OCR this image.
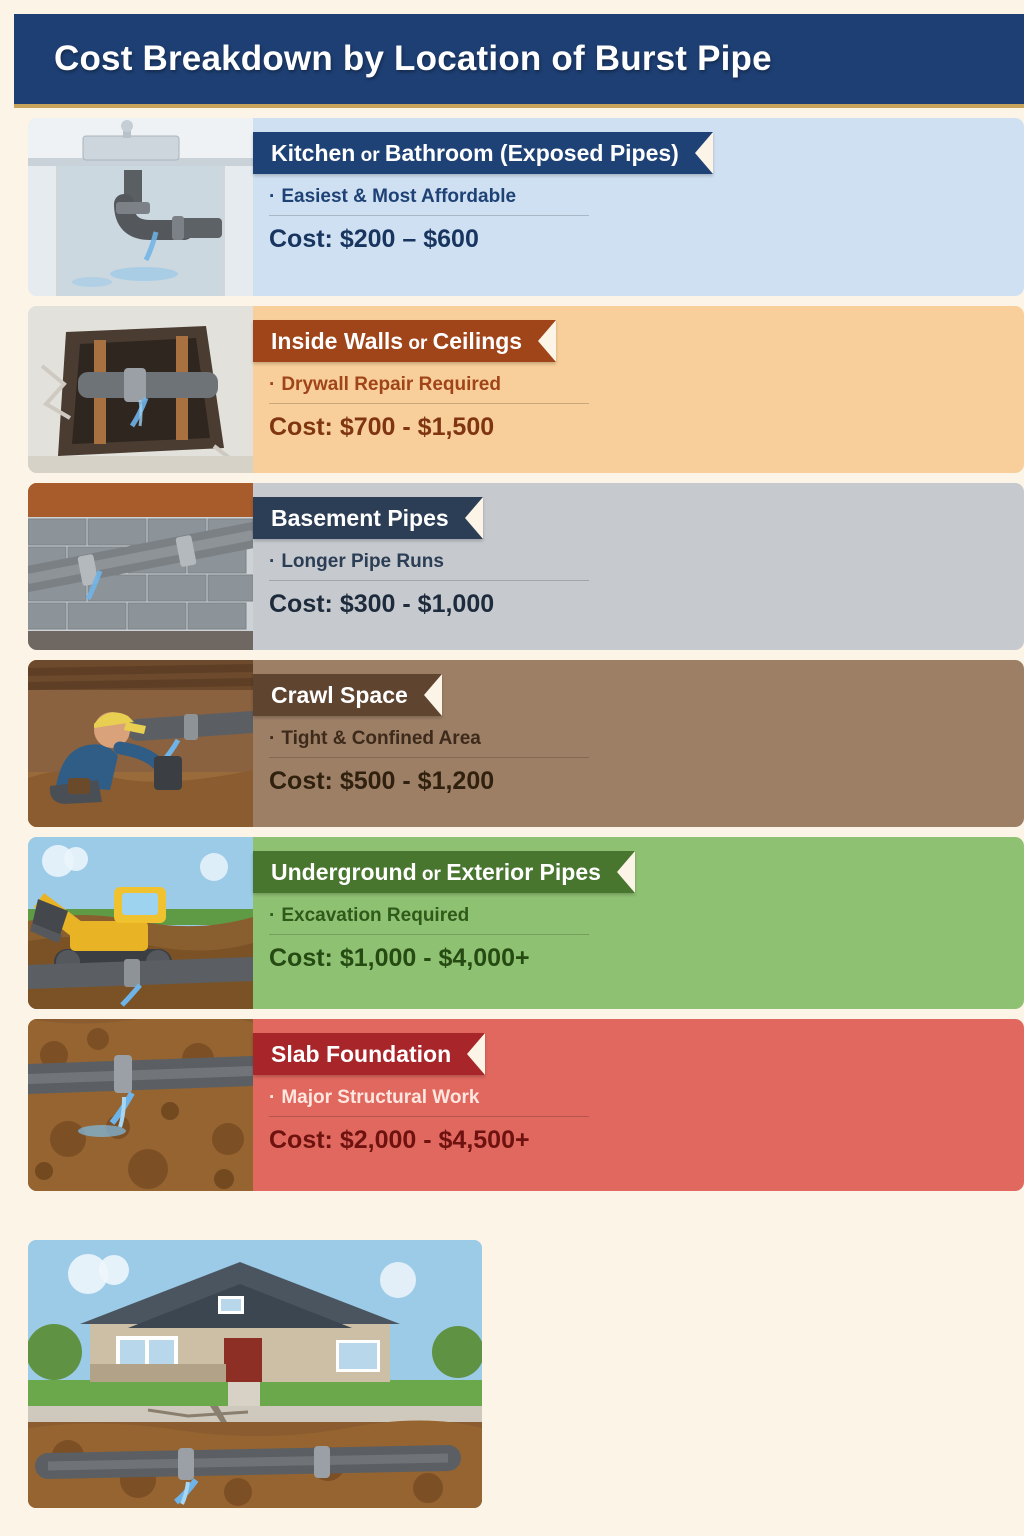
Cost Breakdown by Location of Burst Pipe
Kitchen or Bathroom (Exposed Pipes)
· Easiest & Most Affordable
Cost: $200 – $600
Inside Walls or Ceilings
· Drywall Repair Required
Cost: $700 - $1,500
Basement Pipes
· Longer Pipe Runs
Cost: $300 - $1,000
Crawl Space
· Tight & Confined Area
Cost: $500 - $1,200
Underground or Exterior Pipes
· Excavation Required
Cost: $1,000 - $4,000+
Slab Foundation
· Major Structural Work
Cost: $2,000 - $4,500+
